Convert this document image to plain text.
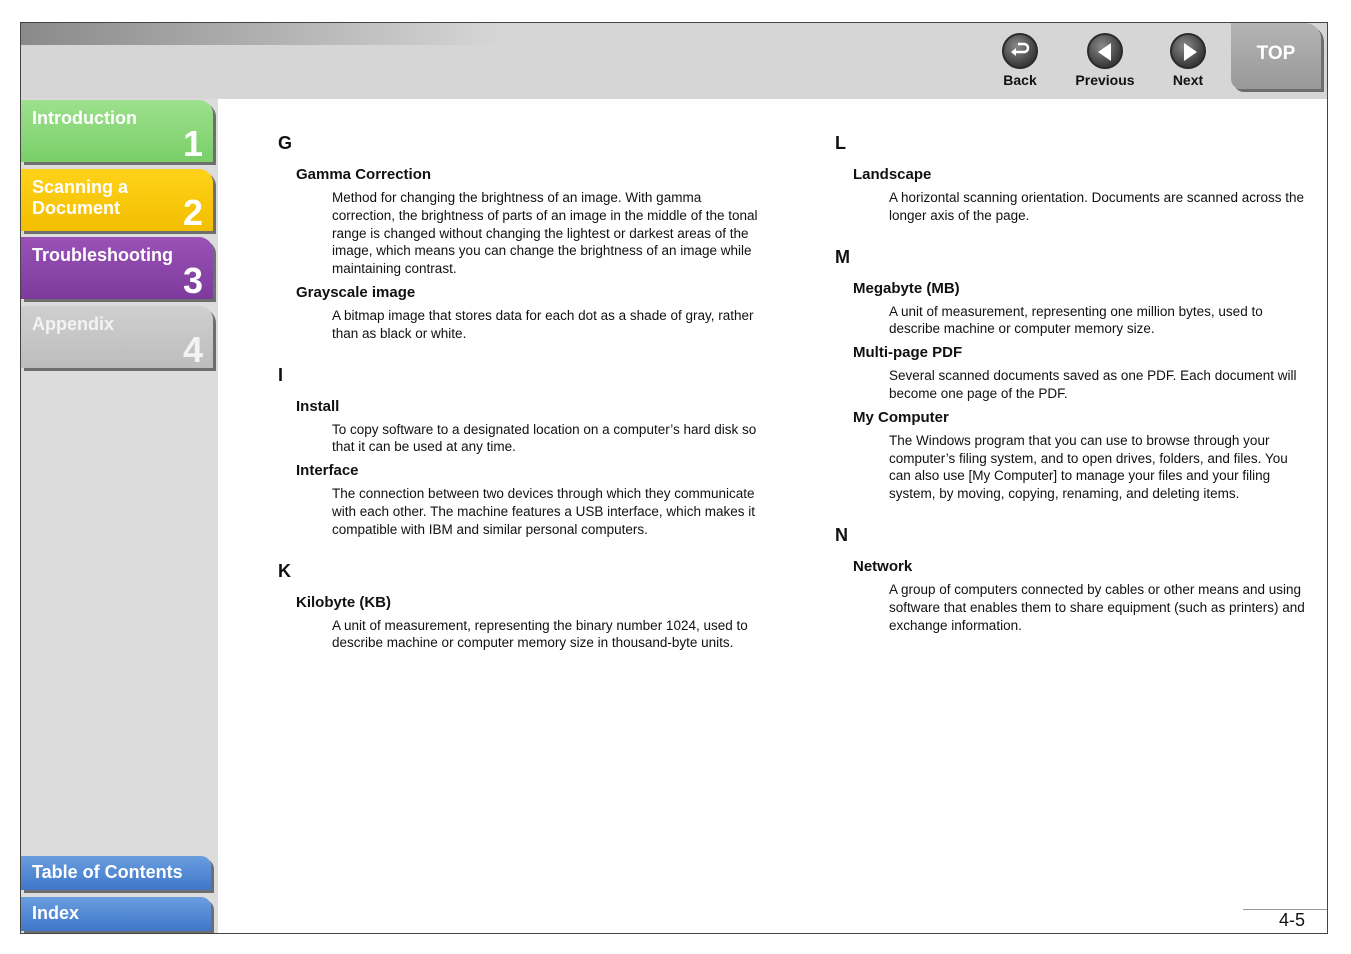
Back	Previous	Next
TOP
Introduction
1
Scanning a Document	2
Troubleshooting
3
Appendix
4
Table of Contents
Index
G
Gamma Correction
Method for changing the brightness of an image. With gamma correction, the brightness of parts of an image in the middle of the tonal range is changed without changing the lightest or darkest areas of the image, which means you can change the brightness of an image while maintaining contrast.
Grayscale image
A bitmap image that stores data for each dot as a shade of gray, rather than as black or white.
I
Install
To copy software to a designated location on a computer’s hard disk so that it can be used at any time.
Interface
The connection between two devices through which they communicate with each other. The machine features a USB interface, which makes it compatible with IBM and similar personal computers.
K
Kilobyte (KB)
A unit of measurement, representing the binary number 1024, used to describe machine or computer memory size in thousand-byte units.
L
Landscape
A horizontal scanning orientation. Documents are scanned across the longer axis of the page.
M
Megabyte (MB)
A unit of measurement, representing one million bytes, used to describe machine or computer memory size.
Multi-page PDF
Several scanned documents saved as one PDF. Each document will become one page of the PDF.
My Computer
The Windows program that you can use to browse through your computer’s filing system, and to open drives, folders, and files. You can also use [My Computer] to manage your files and your filing system, by moving, copying, renaming, and deleting items.
N
Network
A group of computers connected by cables or other means and using software that enables them to share equipment (such as printers) and exchange information.
4-5
